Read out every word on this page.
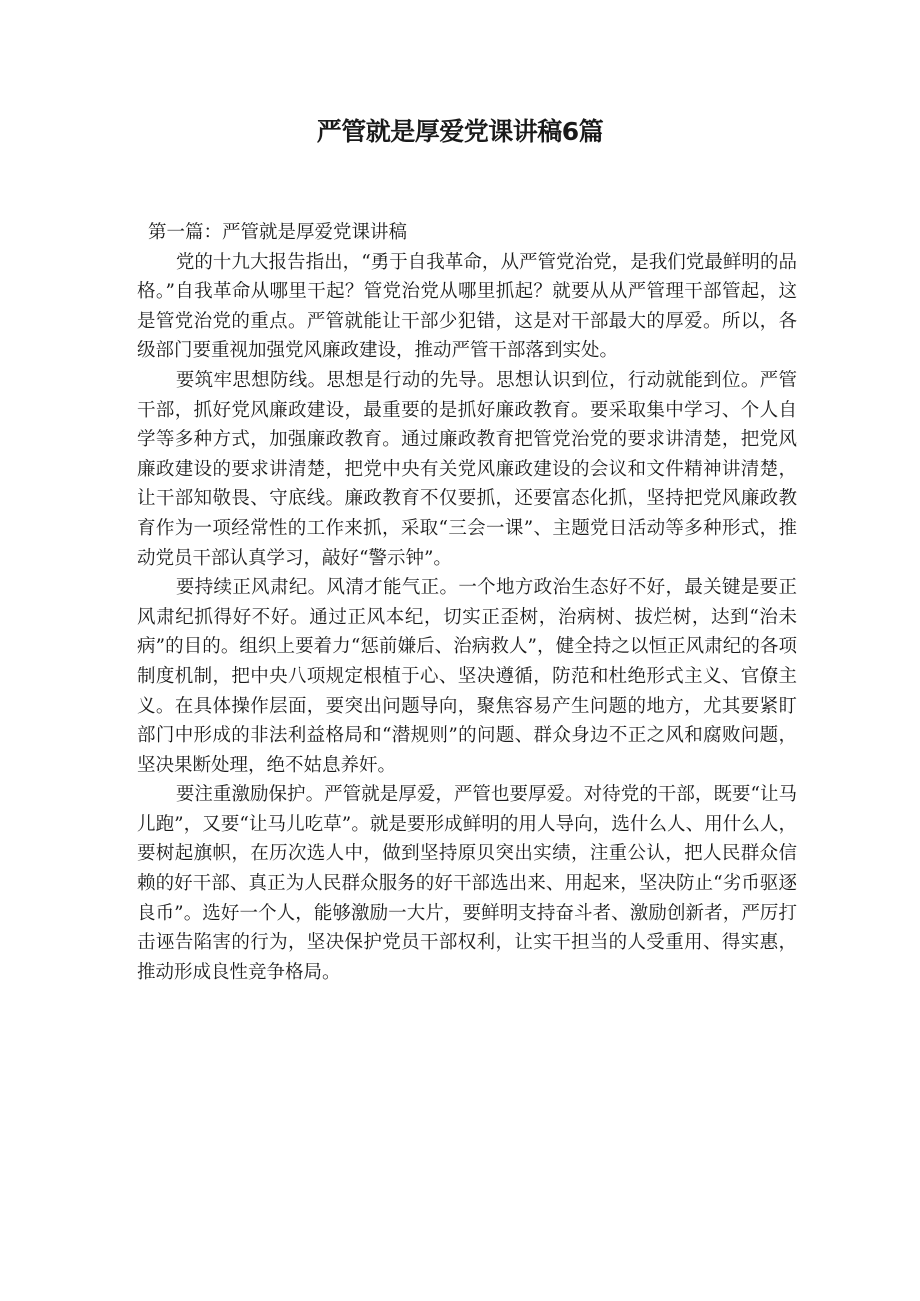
严管就是厚爱党课讲稿6篇

第一篇：严管就是厚爱党课讲稿

党的十九大报告指出，“勇于自我革命，从严管党治党，是我们党最鲜明的品格。”自我革命从哪里干起？管党治党从哪里抓起？就要从从严管理干部管起，这是管党治党的重点。严管就能让干部少犯错，这是对干部最大的厚爱。所以，各级部门要重视加强党风廉政建设，推动严管干部落到实处。

要筑牢思想防线。思想是行动的先导。思想认识到位，行动就能到位。严管干部，抓好党风廉政建设，最重要的是抓好廉政教育。要采取集中学习、个人自学等多种方式，加强廉政教育。通过廉政教育把管党治党的要求讲清楚，把党风廉政建设的要求讲清楚，把党中央有关党风廉政建设的会议和文件精神讲清楚，让干部知敬畏、守底线。廉政教育不仅要抓，还要富态化抓，坚持把党风廉政教育作为一项经常性的工作来抓，采取“三会一课”、主题党日活动等多种形式，推动党员干部认真学习，敲好“警示钟”。

要持续正风肃纪。风清才能气正。一个地方政治生态好不好，最关键是要正风肃纪抓得好不好。通过正风本纪，切实正歪树，治病树、拔烂树，达到“治未病”的目的。组织上要着力“惩前嫌后、治病救人”，健全持之以恒正风肃纪的各项制度机制，把中央八项规定根植于心、坚决遵循，防范和杜绝形式主义、官僚主义。在具体操作层面，要突出问题导向，聚焦容易产生问题的地方，尤其要紧盯部门中形成的非法利益格局和“潜规则”的问题、群众身边不正之风和腐败问题，坚决果断处理，绝不姑息养奸。

要注重激励保护。严管就是厚爱，严管也要厚爱。对待党的干部，既要“让马儿跑”，又要“让马儿吃草”。就是要形成鲜明的用人导向，选什么人、用什么人，要树起旗帜，在历次选人中，做到坚持原贝突出实绩，注重公认，把人民群众信赖的好干部、真正为人民群众服务的好干部选出来、用起来，坚决防止“劣币驱逐良币”。选好一个人，能够激励一大片，要鲜明支持奋斗者、激励创新者，严厉打击诬告陷害的行为，坚决保护党员干部权利，让实干担当的人受重用、得实惠，推动形成良性竞争格局。
